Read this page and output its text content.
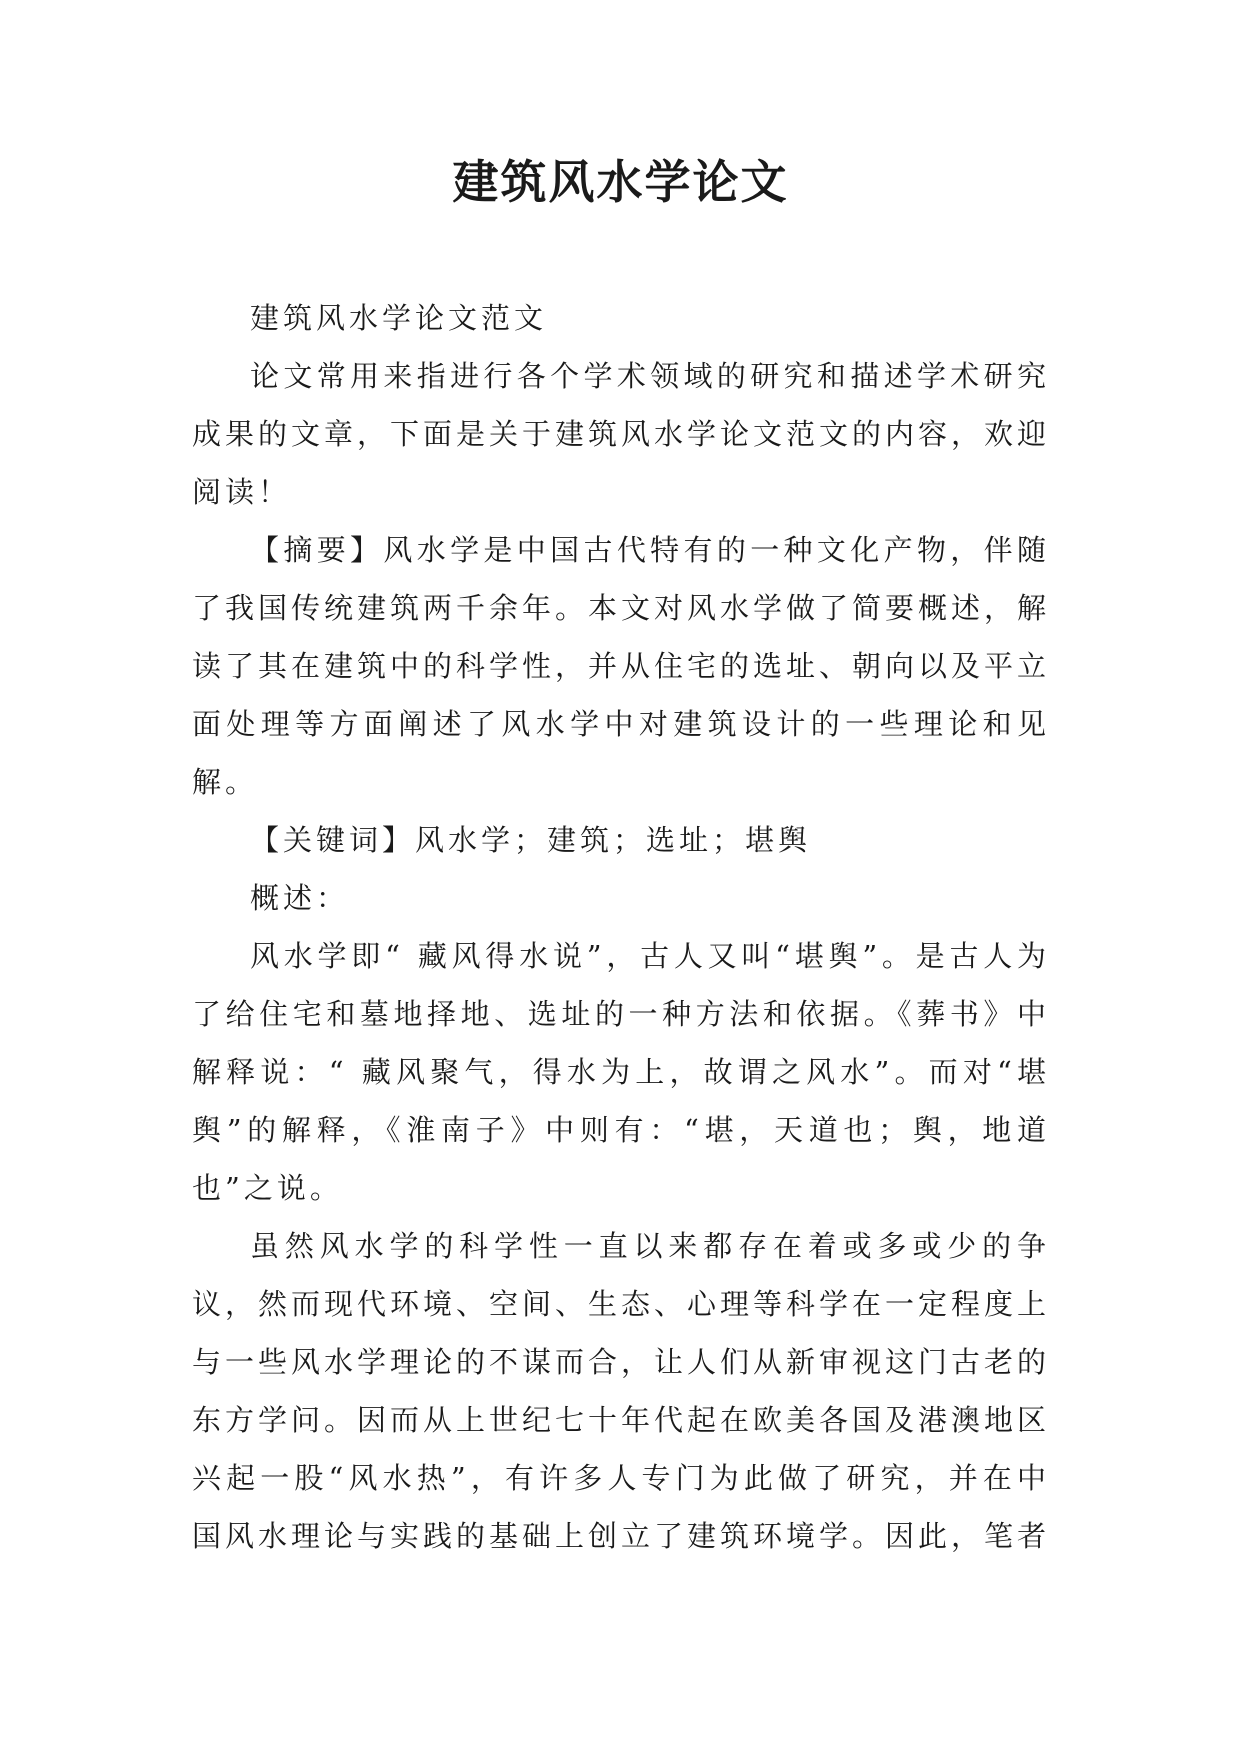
建筑风水学论文

建筑风水学论文范文

论文常用来指进行各个学术领域的研究和描述学术研究成果的文章，下面是关于建筑风水学论文范文的内容，欢迎阅读！

【摘要】风水学是中国古代特有的一种文化产物，伴随了我国传统建筑两千余年。本文对风水学做了简要概述，解读了其在建筑中的科学性，并从住宅的选址、朝向以及平立面处理等方面阐述了风水学中对建筑设计的一些理论和见解。

【关键词】风水学；建筑；选址；堪舆

概述：

风水学即“ 藏风得水说”，古人又叫“堪舆”。是古人为了给住宅和墓地择地、选址的一种方法和依据。《葬书》中解释说：“ 藏风聚气，得水为上，故谓之风水”。而对“堪舆”的解释，《淮南子》中则有：“堪，天道也；舆，地道也”之说。

虽然风水学的科学性一直以来都存在着或多或少的争议，然而现代环境、空间、生态、心理等科学在一定程度上与一些风水学理论的不谋而合，让人们从新审视这门古老的东方学问。因而从上世纪七十年代起在欧美各国及港澳地区兴起一股“风水热”，有许多人专门为此做了研究，并在中国风水理论与实践的基础上创立了建筑环境学。因此，笔者
